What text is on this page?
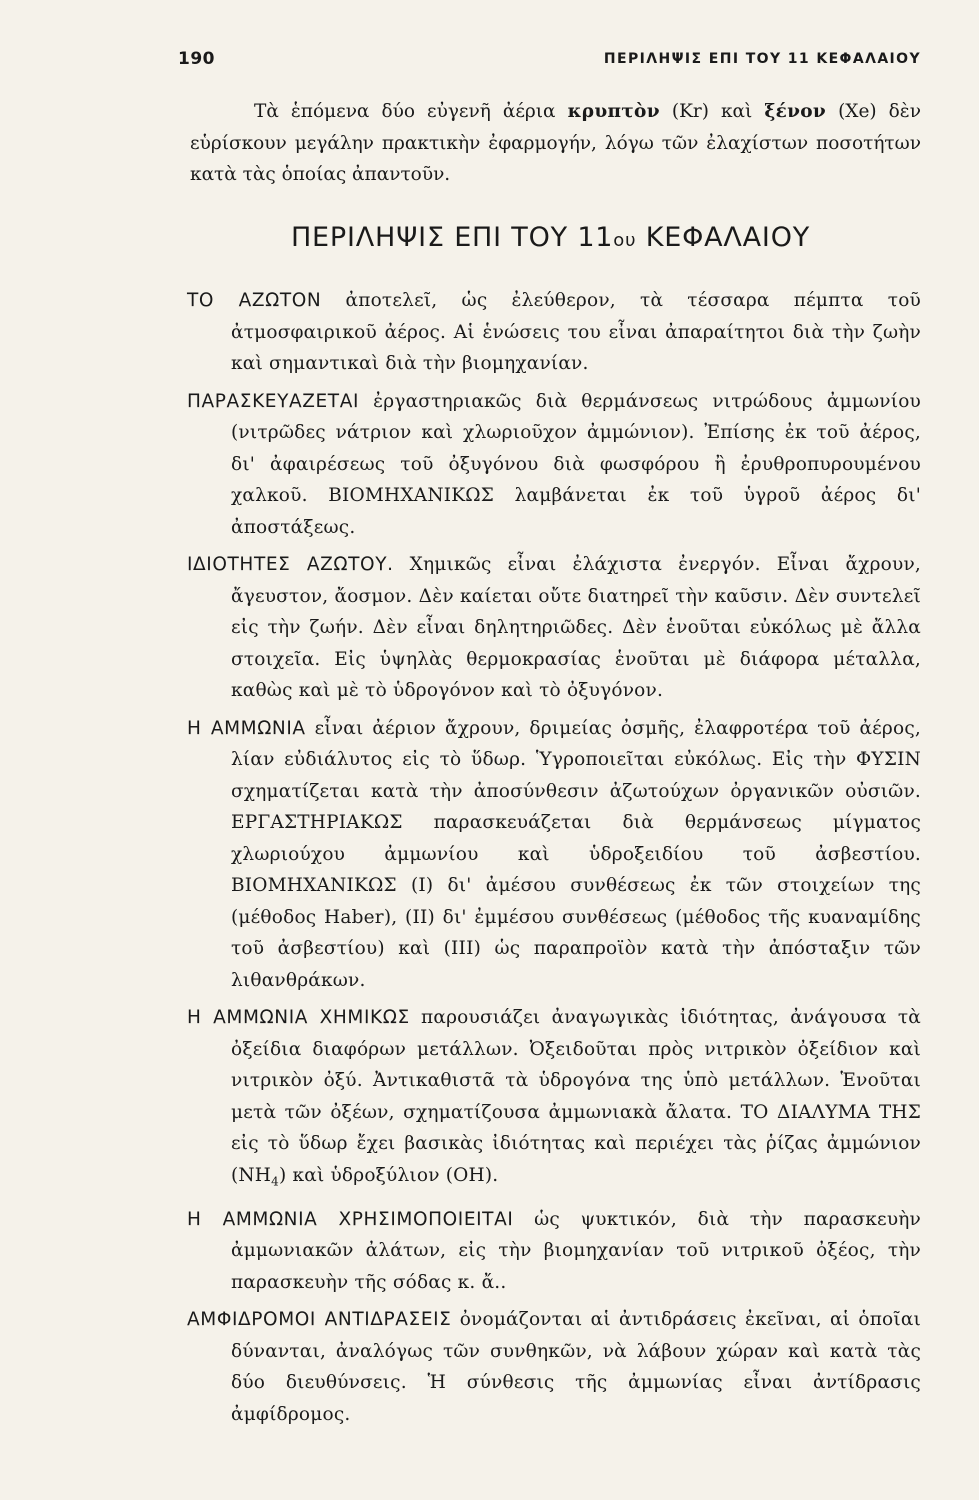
190	ΠΕΡΙΛΗΨΙΣ ΕΠΙ ΤΟΥ 11 ΚΕΦΑΛΑΙΟΥ

Τὰ ἑπόμενα δύο εὐγενῆ ἀέρια κρυπτὸν (Kr) καὶ ξένον (Xe) δὲν εὑρίσκουν μεγάλην πρακτικὴν ἐφαρμογήν, λόγω τῶν ἐλαχίστων ποσοτήτων κατὰ τὰς ὁποίας ἀπαντοῦν.

ΠΕΡΙΛΗΨΙΣ ΕΠΙ ΤΟΥ 11ου ΚΕΦΑΛΑΙΟΥ

ΤΟ ΑΖΩΤΟΝ ἀποτελεῖ, ὡς ἐλεύθερον, τὰ τέσσαρα πέμπτα τοῦ ἀτμοσφαιρικοῦ ἀέρος. Αἱ ἑνώσεις του εἶναι ἀπαραίτητοι διὰ τὴν ζωὴν καὶ σημαντικαὶ διὰ τὴν βιομηχανίαν.

ΠΑΡΑΣΚΕΥΑΖΕΤΑΙ ἐργαστηριακῶς διὰ θερμάνσεως νιτρώδους ἀμμωνίου (νιτρῶδες νάτριον καὶ χλωριοῦχον ἀμμώνιον). Ἐπίσης ἐκ τοῦ ἀέρος, δι' ἀφαιρέσεως τοῦ ὀξυγόνου διὰ φωσφόρου ἢ ἐρυθροπυρουμένου χαλκοῦ. ΒΙΟΜΗΧΑΝΙΚΩΣ λαμβάνεται ἐκ τοῦ ὑγροῦ ἀέρος δι' ἀποστάξεως.

ΙΔΙΟΤΗΤΕΣ ΑΖΩΤΟΥ. Χημικῶς εἶναι ἐλάχιστα ἐνεργόν. Εἶναι ἄχρουν, ἄγευστον, ἄοσμον. Δὲν καίεται οὔτε διατηρεῖ τὴν καῦσιν. Δὲν συντελεῖ εἰς τὴν ζωήν. Δὲν εἶναι δηλητηριῶδες. Δὲν ἑνοῦται εὐκόλως μὲ ἄλλα στοιχεῖα. Εἰς ὑψηλὰς θερμοκρασίας ἑνοῦται μὲ διάφορα μέταλλα, καθὼς καὶ μὲ τὸ ὑδρογόνον καὶ τὸ ὀξυγόνον.

Η ΑΜΜΩΝΙΑ εἶναι ἀέριον ἄχρουν, δριμείας ὀσμῆς, ἐλαφροτέρα τοῦ ἀέρος, λίαν εὐδιάλυτος εἰς τὸ ὕδωρ. Ὑγροποιεῖται εὐκόλως. Εἰς τὴν ΦΥΣΙΝ σχηματίζεται κατὰ τὴν ἀποσύνθεσιν ἀζωτούχων ὀργανικῶν οὐσιῶν. ΕΡΓΑΣΤΗΡΙΑΚΩΣ παρασκευάζεται διὰ θερμάνσεως μίγματος χλωριούχου ἀμμωνίου καὶ ὑδροξειδίου τοῦ ἀσβεστίου. ΒΙΟΜΗΧΑΝΙΚΩΣ (I) δι' ἀμέσου συνθέσεως ἐκ τῶν στοιχείων της (μέθοδος Haber), (II) δι' ἐμμέσου συνθέσεως (μέθοδος τῆς κυαναμίδης τοῦ ἀσβεστίου) καὶ (III) ὡς παραπροϊὸν κατὰ τὴν ἀπόσταξιν τῶν λιθανθράκων.

Η ΑΜΜΩΝΙΑ ΧΗΜΙΚΩΣ παρουσιάζει ἀναγωγικὰς ἰδιότητας, ἀνάγουσα τὰ ὀξείδια διαφόρων μετάλλων. Ὀξειδοῦται πρὸς νιτρικὸν ὀξείδιον καὶ νιτρικὸν ὀξύ. Ἀντικαθιστᾶ τὰ ὑδρογόνα της ὑπὸ μετάλλων. Ἑνοῦται μετὰ τῶν ὀξέων, σχηματίζουσα ἀμμωνιακὰ ἄλατα. ΤΟ ΔΙΑΛΥΜΑ ΤΗΣ εἰς τὸ ὕδωρ ἔχει βασικὰς ἰδιότητας καὶ περιέχει τὰς ῥίζας ἀμμώνιον $(NH_4)$ καὶ ὑδροξύλιον (OH).

Η ΑΜΜΩΝΙΑ ΧΡΗΣΙΜΟΠΟΙΕΙΤΑΙ ὡς ψυκτικόν, διὰ τὴν παρασκευὴν ἀμμωνιακῶν ἀλάτων, εἰς τὴν βιομηχανίαν τοῦ νιτρικοῦ ὀξέος, τὴν παρασκευὴν τῆς σόδας κ. ἄ..

ΑΜΦΙΔΡΟΜΟΙ ΑΝΤΙΔΡΑΣΕΙΣ ὀνομάζονται αἱ ἀντιδράσεις ἐκεῖναι, αἱ ὁποῖαι δύνανται, ἀναλόγως τῶν συνθηκῶν, νὰ λάβουν χώραν καὶ κατὰ τὰς δύο διευθύνσεις. Ἡ σύνθεσις τῆς ἀμμωνίας εἶναι ἀντίδρασις ἀμφίδρομος.
